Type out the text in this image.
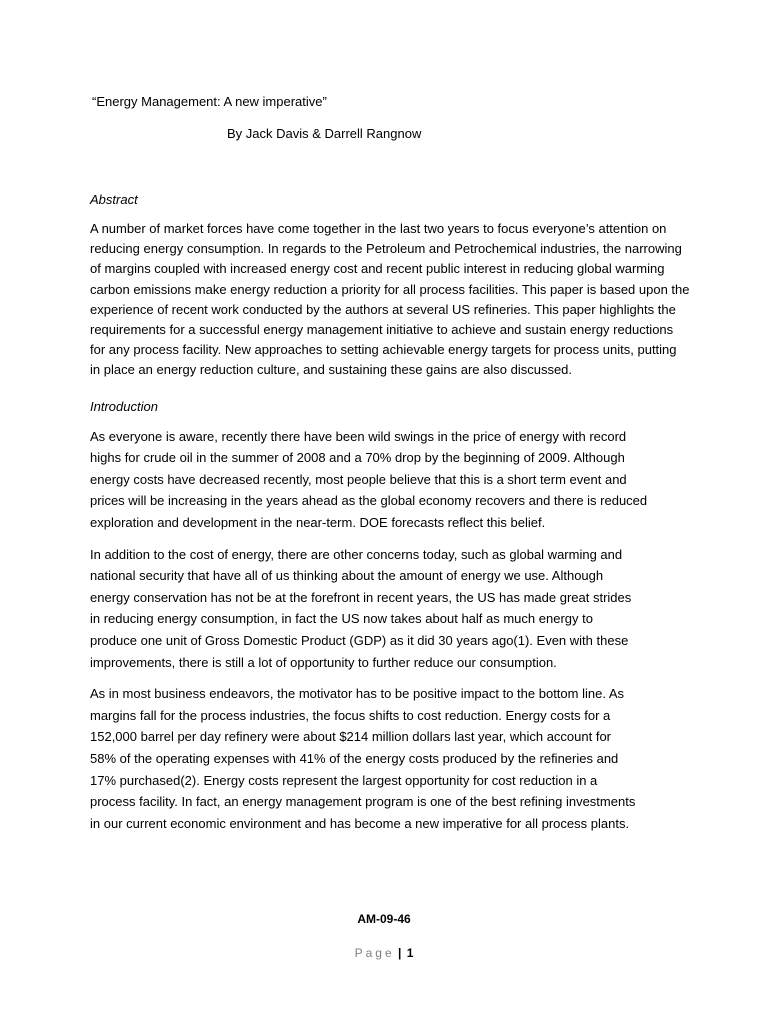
“Energy Management: A new imperative”
By Jack Davis & Darrell Rangnow
Abstract
A number of market forces have come together in the last two years to focus everyone’s attention on
reducing energy consumption. In regards to the Petroleum and Petrochemical industries, the narrowing
of margins coupled with increased energy cost and recent public interest in reducing global warming
carbon emissions make energy reduction a priority for all process facilities. This paper is based upon the
experience of recent work conducted by the authors at several US refineries. This paper highlights the
requirements for a successful energy management initiative to achieve and sustain energy reductions
for any process facility. New approaches to setting achievable energy targets for process units, putting
in place an energy reduction culture, and sustaining these gains are also discussed.
Introduction
As everyone is aware, recently there have been wild swings in the price of energy with record
highs for crude oil in the summer of 2008 and a 70% drop by the beginning of 2009. Although
energy costs have decreased recently, most people believe that this is a short term event and
prices will be increasing in the years ahead as the global economy recovers and there is reduced
exploration and development in the near-term. DOE forecasts reflect this belief.
In addition to the cost of energy, there are other concerns today, such as global warming and
national security that have all of us thinking about the amount of energy we use. Although
energy conservation has not be at the forefront in recent years, the US has made great strides
in reducing energy consumption, in fact the US now takes about half as much energy to
produce one unit of Gross Domestic Product (GDP) as it did 30 years ago(1). Even with these
improvements, there is still a lot of opportunity to further reduce our consumption.
As in most business endeavors, the motivator has to be positive impact to the bottom line. As
margins fall for the process industries, the focus shifts to cost reduction. Energy costs for a
152,000 barrel per day refinery were about $214 million dollars last year, which account for
58% of the operating expenses with 41% of the energy costs produced by the refineries and
17% purchased(2). Energy costs represent the largest opportunity for cost reduction in a
process facility. In fact, an energy management program is one of the best refining investments
in our current economic environment and has become a new imperative for all process plants.
AM-09-46
Page | 1
